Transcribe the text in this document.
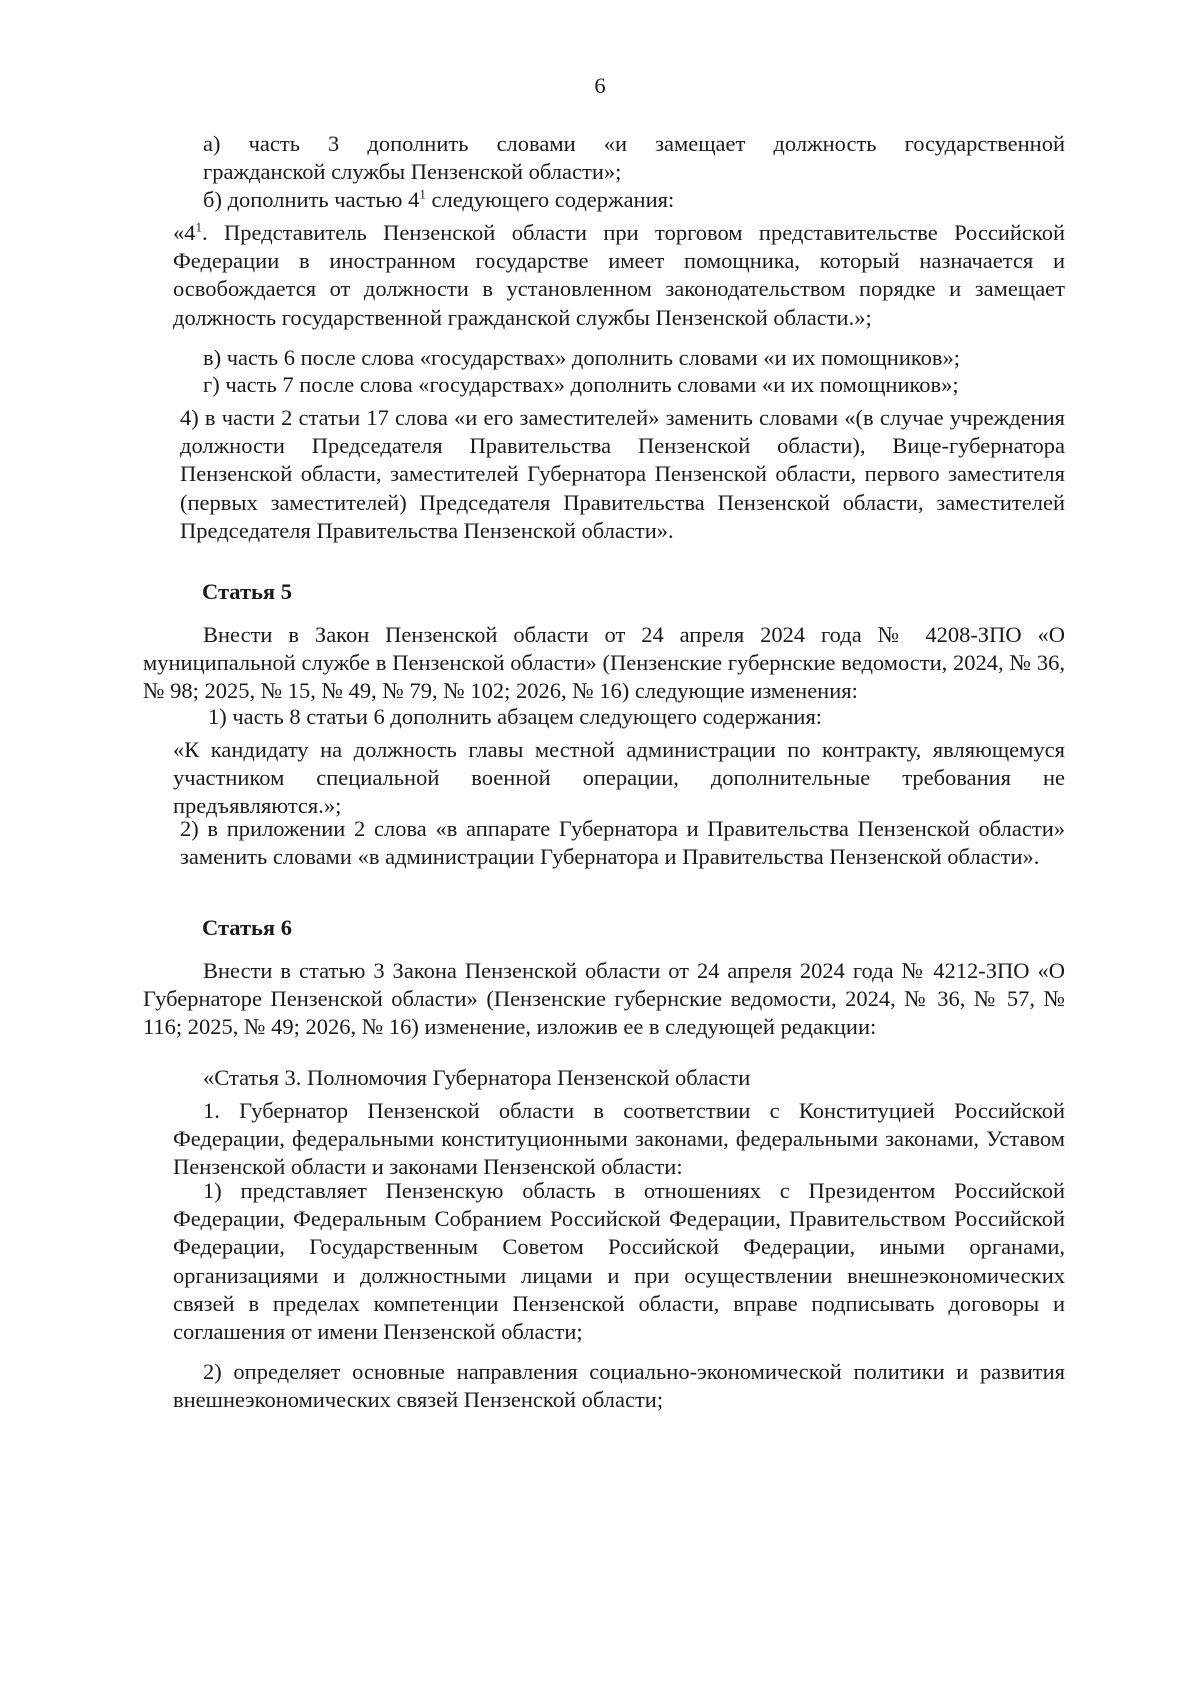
6

а) часть 3 дополнить словами «и замещает должность государственной

гражданской службы Пензенской области»;

б) дополнить частью $4^1$ следующего содержания:

«$4^1$. Представитель Пензенской области при торговом представительстве Российской Федерации в иностранном государстве имеет помощника, который назначается и освобождается от должности в установленном законодательством порядке и замещает должность государственной гражданской службы Пензенской области.»;

в) часть 6 после слова «государствах» дополнить словами «и их помощников»;

г) часть 7 после слова «государствах» дополнить словами «и их помощников»;

4) в части 2 статьи 17 слова «и его заместителей» заменить словами «(в случае учреждения должности Председателя Правительства Пензенской области), Вице-губернатора Пензенской области, заместителей Губернатора Пензенской области, первого заместителя (первых заместителей) Председателя Правительства Пензенской области, заместителей Председателя Правительства Пензенской области».

Статья 5

Внести в Закон Пензенской области от 24 апреля 2024 года № 4208-ЗПО «О муниципальной службе в Пензенской области» (Пензенские губернские ведомости, 2024, № 36, № 98; 2025, № 15, № 49, № 79, № 102; 2026, № 16) следующие изменения:

1) часть 8 статьи 6 дополнить абзацем следующего содержания:

«К кандидату на должность главы местной администрации по контракту, являющемуся участником специальной военной операции, дополнительные требования не предъявляются.»;

2) в приложении 2 слова «в аппарате Губернатора и Правительства Пензенской области» заменить словами «в администрации Губернатора и Правительства Пензенской области».

Статья 6

Внести в статью 3 Закона Пензенской области от 24 апреля 2024 года № 4212-ЗПО «О Губернаторе Пензенской области» (Пензенские губернские ведомости, 2024, № 36, № 57, № 116; 2025, № 49; 2026, № 16) изменение, изложив ее в следующей редакции:

«Статья 3. Полномочия Губернатора Пензенской области

1. Губернатор Пензенской области в соответствии с Конституцией Российской Федерации, федеральными конституционными законами, федеральными законами, Уставом Пензенской области и законами Пензенской области:

1) представляет Пензенскую область в отношениях с Президентом Российской Федерации, Федеральным Собранием Российской Федерации, Правительством Российской Федерации, Государственным Советом Российской Федерации, иными органами, организациями и должностными лицами и при осуществлении внешнеэкономических связей в пределах компетенции Пензенской области, вправе подписывать договоры и соглашения от имени Пензенской области;

2) определяет основные направления социально-экономической политики и развития внешнеэкономических связей Пензенской области;
